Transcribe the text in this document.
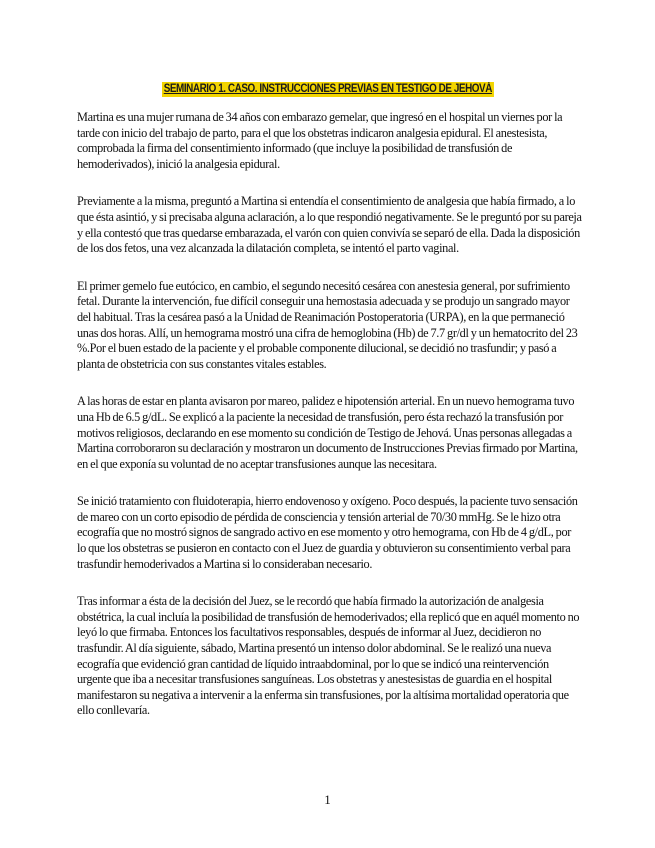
SEMINARIO 1. CASO. INSTRUCCIONES PREVIAS EN TESTIGO DE JEHOVÁ

Martina es una mujer rumana de 34 años con embarazo gemelar, que ingresó en el hospital un viernes por la tarde con inicio del trabajo de parto, para el que los obstetras indicaron analgesia epidural. El anestesista, comprobada la firma del consentimiento informado (que incluye la posibilidad de transfusión de hemoderivados), inició la analgesia epidural.

Previamente a la misma, preguntó a Martina si entendía el consentimiento de analgesia que había firmado, a lo que ésta asintió, y si precisaba alguna aclaración, a lo que respondió negativamente. Se le preguntó por su pareja y ella contestó que tras quedarse embarazada, el varón con quien convivía se separó de ella. Dada la disposición de los dos fetos, una vez alcanzada la dilatación completa, se intentó el parto vaginal.

El primer gemelo fue eutócico, en cambio, el segundo necesitó cesárea con anestesia general, por sufrimiento fetal. Durante la intervención, fue difícil conseguir una hemostasia adecuada y se produjo un sangrado mayor del habitual. Tras la cesárea pasó a la Unidad de Reanimación Postoperatoria (URPA), en la que permaneció unas dos horas. Allí, un hemograma mostró una cifra de hemoglobina (Hb) de 7.7 gr/dl y un hematocrito del 23 %.Por el buen estado de la paciente y el probable componente dilucional, se decidió no trasfundir; y pasó a planta de obstetricia con sus constantes vitales estables.

A las horas de estar en planta avisaron por mareo, palidez e hipotensión arterial. En un nuevo hemograma tuvo una Hb de 6.5 g/dL. Se explicó a la paciente la necesidad de transfusión, pero ésta rechazó la transfusión por motivos religiosos, declarando en ese momento su condición de Testigo de Jehová. Unas personas allegadas a Martina corroboraron su declaración y mostraron un documento de Instrucciones Previas firmado por Martina, en el que exponía su voluntad de no aceptar transfusiones aunque las necesitara.

Se inició tratamiento con fluidoterapia, hierro endovenoso y oxígeno. Poco después, la paciente tuvo sensación de mareo con un corto episodio de pérdida de consciencia y tensión arterial de 70/30 mmHg. Se le hizo otra ecografía que no mostró signos de sangrado activo en ese momento y otro hemograma, con Hb de 4 g/dL, por lo que los obstetras se pusieron en contacto con el Juez de guardia y obtuvieron su consentimiento verbal para trasfundir hemoderivados a Martina si lo consideraban necesario.

Tras informar a ésta de la decisión del Juez, se le recordó que había firmado la autorización de analgesia obstétrica, la cual incluía la posibilidad de transfusión de hemoderivados; ella replicó que en aquél momento no leyó lo que firmaba. Entonces los facultativos responsables, después de informar al Juez, decidieron no trasfundir. Al día siguiente, sábado, Martina presentó un intenso dolor abdominal. Se le realizó una nueva ecografía que evidenció gran cantidad de líquido intraabdominal, por lo que se indicó una reintervención urgente que iba a necesitar transfusiones sanguíneas. Los obstetras y anestesistas de guardia en el hospital manifestaron su negativa a intervenir a la enferma sin transfusiones, por la altísima mortalidad operatoria que ello conllevaría.

1
